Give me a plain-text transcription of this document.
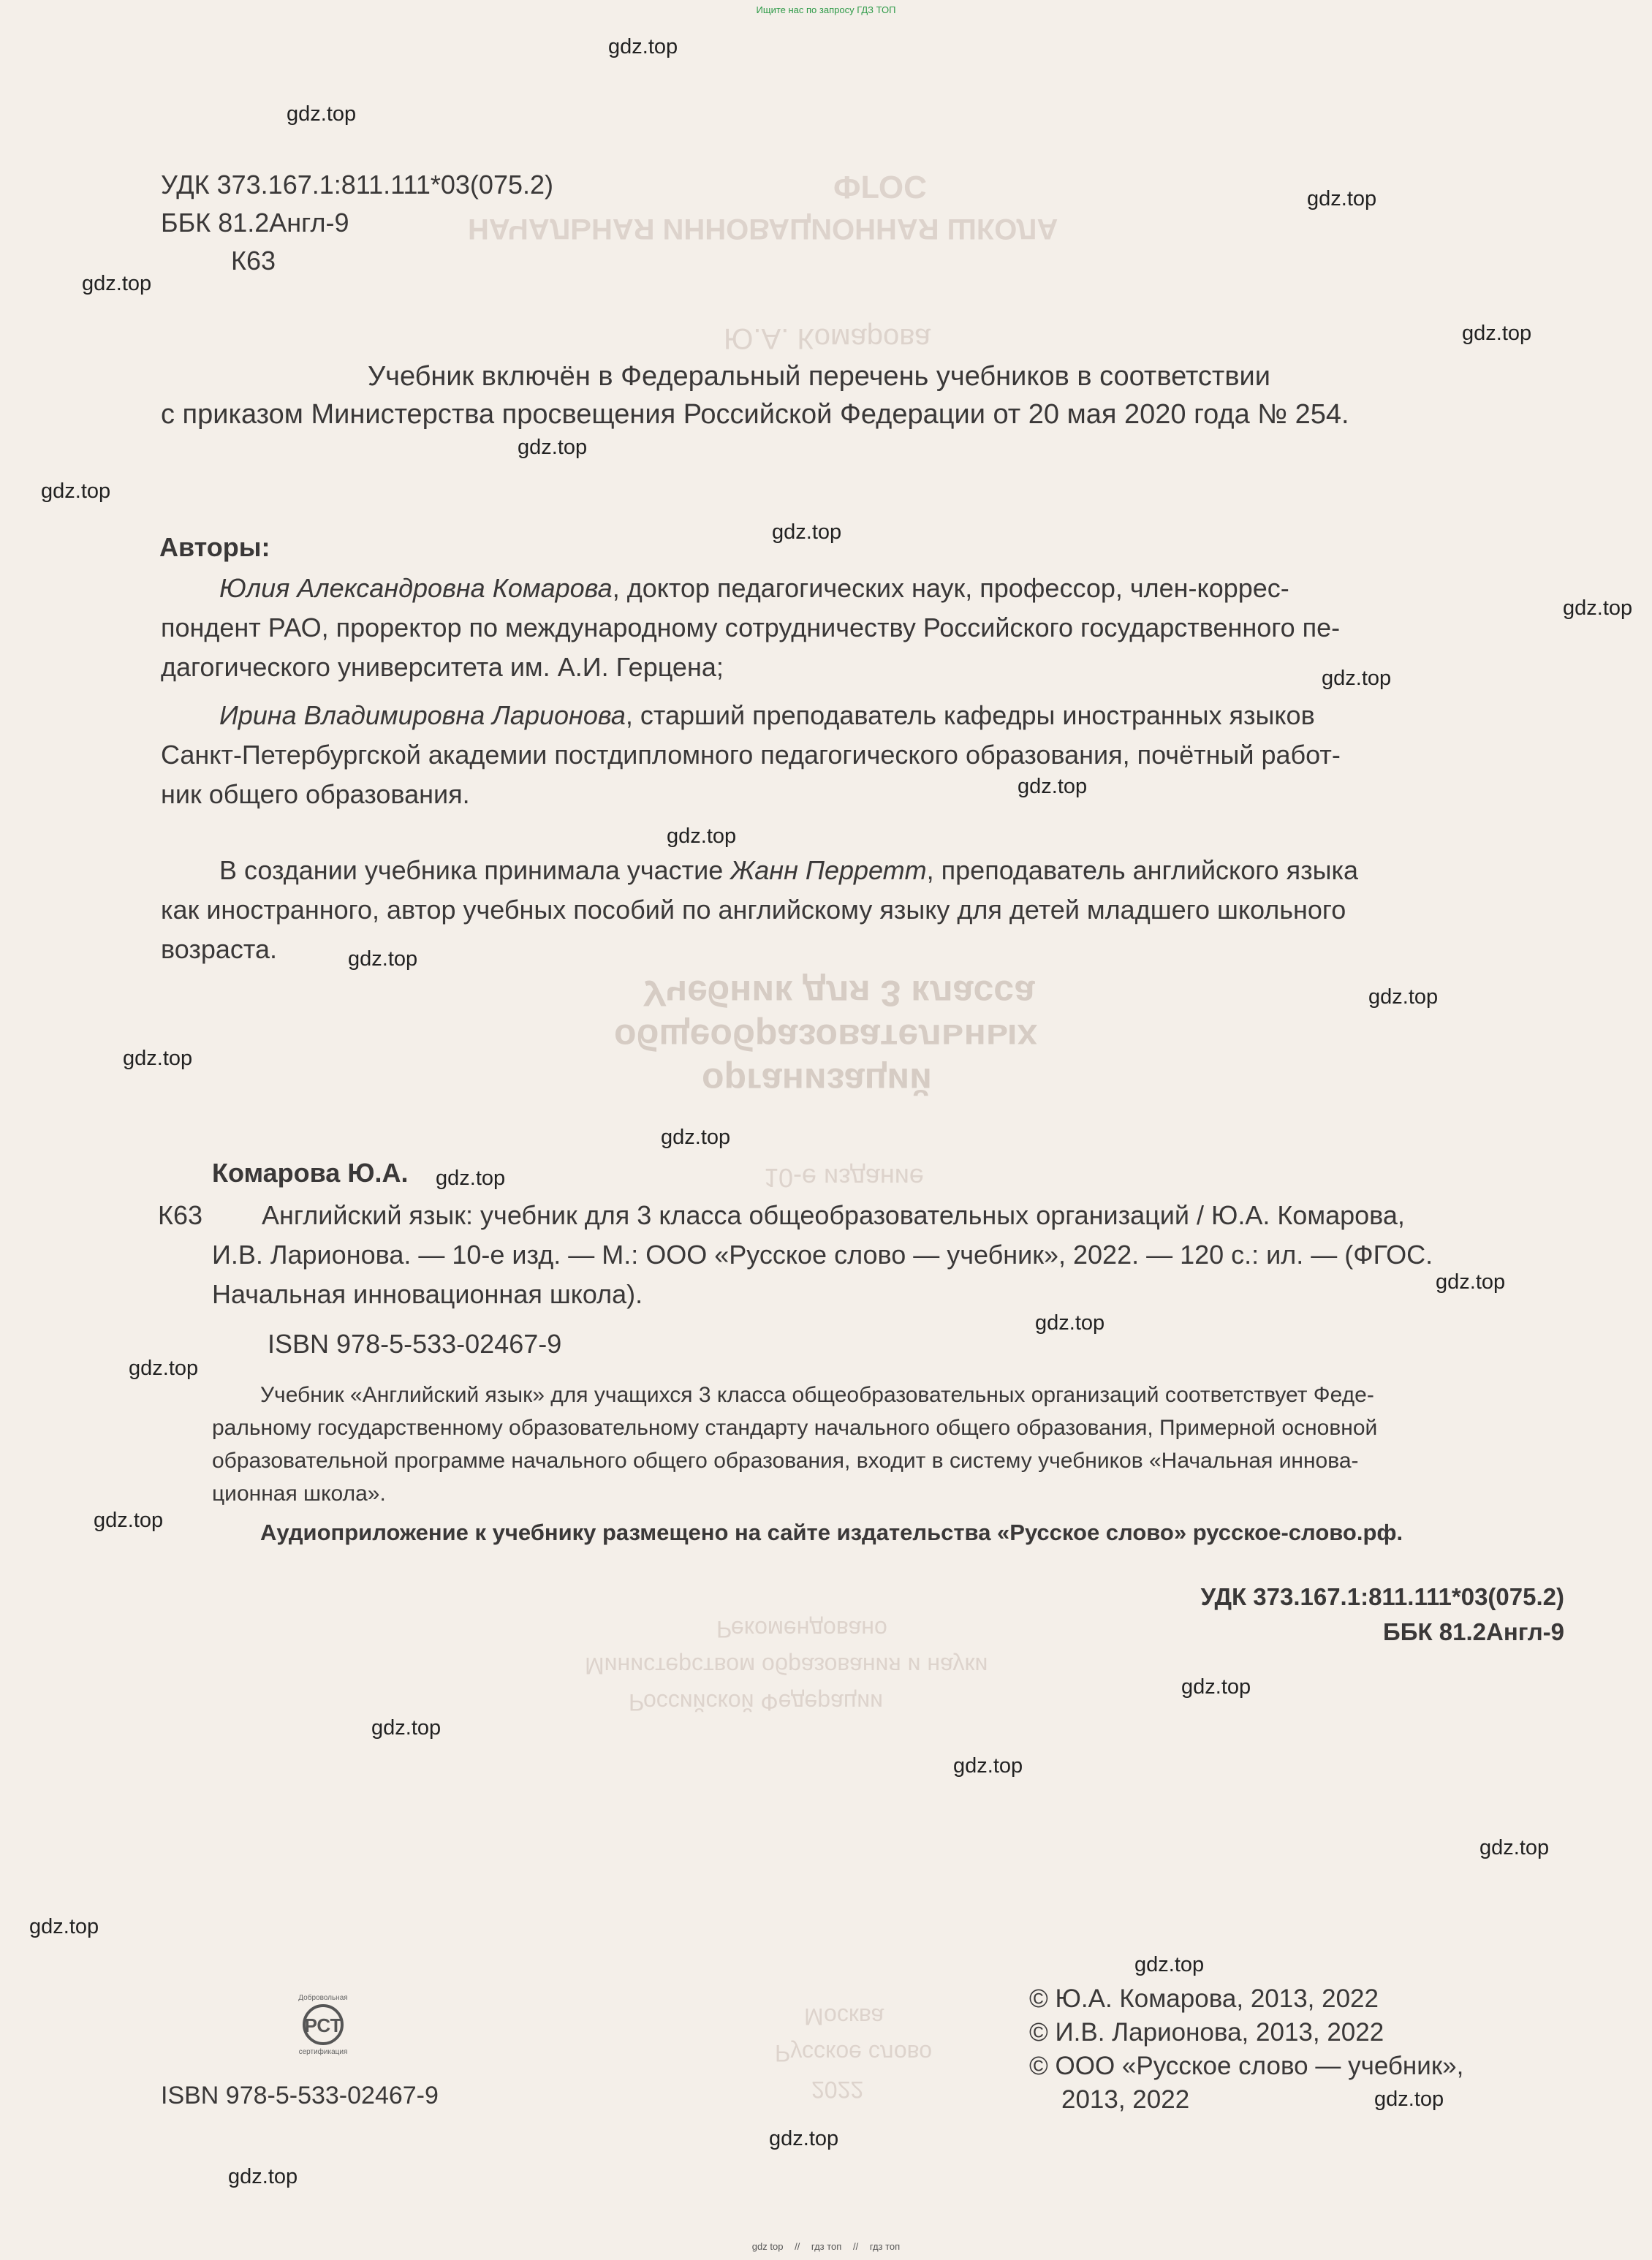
ФГОС
НАЧАЛЬНАЯ ИННОВАЦИОННАЯ ШКОЛА
Ю.А. Комарова
Учебник для 3 класса
общеобразовательных
организаций
10-е издание
Рекомендовано
Министерством образования и науки
Российской Федерации
Москва
Русское слово
2022
Ищите нас по запросу ГДЗ ТОП
УДК 373.167.1:811.111*03(075.2)
ББК 81.2Англ-9
К63
Учебник включён в Федеральный перечень учебников в соответствии
с приказом Министерства просвещения Российской Федерации от 20 мая 2020 года № 254.
Авторы:
Юлия Александровна Комарова, доктор педагогических наук, профессор, член-коррес-
пондент РАО, проректор по международному сотрудничеству Российского государственного пе-
дагогического университета им. А.И. Герцена;
Ирина Владимировна Ларионова, старший преподаватель кафедры иностранных языков
Санкт-Петербургской академии постдипломного педагогического образования, почётный работ-
ник общего образования.
В создании учебника принимала участие Жанн Перретт, преподаватель английского языка
как иностранного, автор учебных пособий по английскому языку для детей младшего школьного
возраста.
Комарова Ю.А.
К63 Английский язык: учебник для 3 класса общеобразовательных организаций / Ю.А. Комарова,
И.В. Ларионова. — 10-е изд. — М.: ООО «Русское слово — учебник», 2022. — 120 с.: ил. — (ФГОС.
Начальная инновационная школа).
ISBN 978-5-533-02467-9
Учебник «Английский язык» для учащихся 3 класса общеобразовательных организаций соответствует Феде-
ральному государственному образовательному стандарту начального общего образования, Примерной основной
образовательной программе начального общего образования, входит в систему учебников «Начальная иннова-
ционная школа».
Аудиоприложение к учебнику размещено на сайте издательства «Русское слово» русское-слово.рф.
УДК 373.167.1:811.111*03(075.2)
ББК 81.2Англ-9
РСТ
Добровольная
сертификация
ISBN 978-5-533-02467-9
© Ю.А. Комарова, 2013, 2022
© И.В. Ларионова, 2013, 2022
© ООО «Русское слово — учебник»,
2013, 2022
gdz.top
gdz.top
gdz.top
gdz.top
gdz.top
gdz.top
gdz.top
gdz.top
gdz.top
gdz.top
gdz.top
gdz.top
gdz.top
gdz.top
gdz.top
gdz.top
gdz.top
gdz.top
gdz.top
gdz.top
gdz.top
gdz.top
gdz.top
gdz.top
gdz.top
gdz.top
gdz.top
gdz.top
gdz.top
gdz.top
gdz top // гдз топ // гдз топ
